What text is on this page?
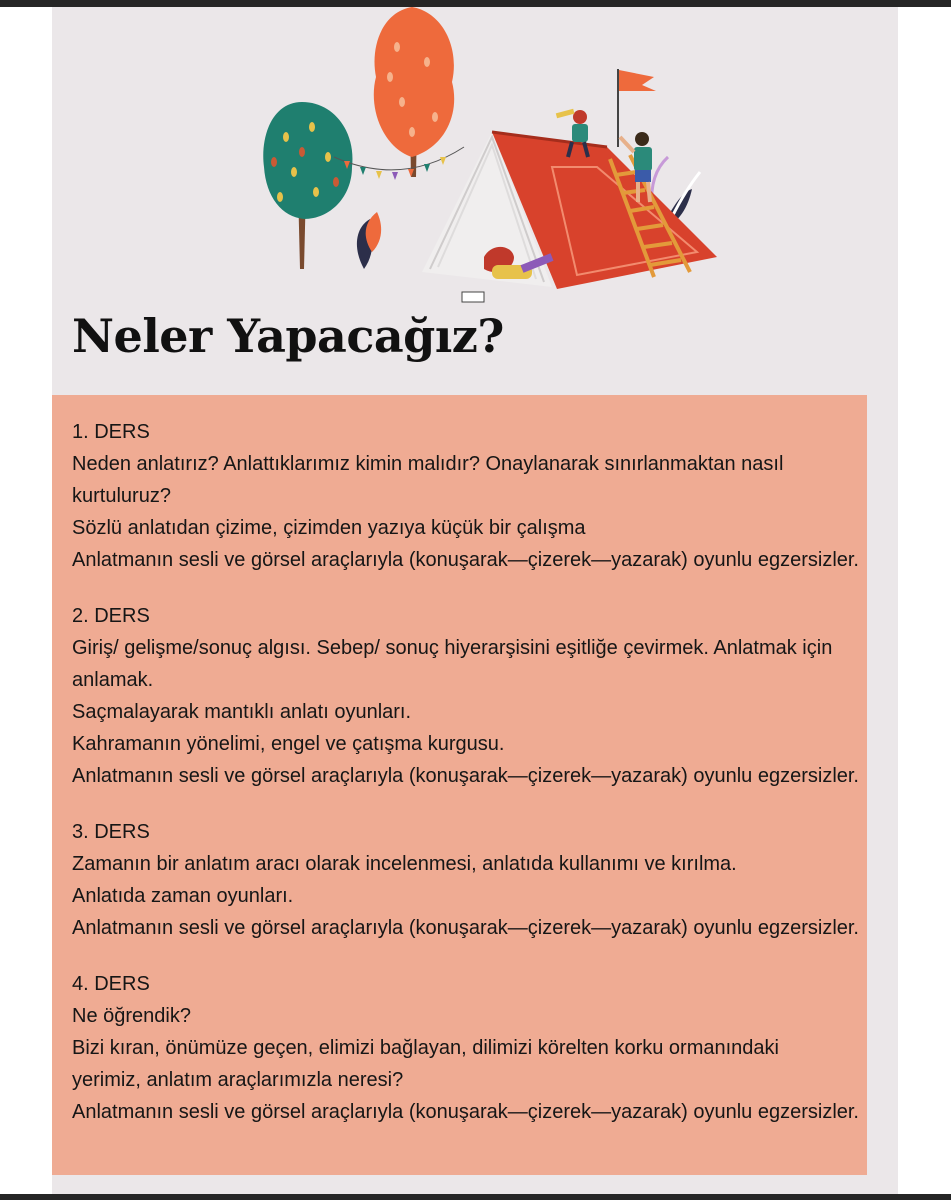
Neler Yapacağız?

1. DERS

Neden anlatırız? Anlattıklarımız kimin malıdır? Onaylanarak sınırlanmaktan nasıl kurtuluruz?

Sözlü anlatıdan çizime, çizimden yazıya küçük bir çalışma

Anlatmanın sesli ve görsel araçlarıyla (konuşarak—çizerek—yazarak) oyunlu egzersizler.

2. DERS

Giriş/ gelişme/sonuç algısı. Sebep/ sonuç hiyerarşisini eşitliğe çevirmek. Anlatmak için anlamak.

Saçmalayarak mantıklı anlatı oyunları.

Kahramanın yönelimi, engel ve çatışma kurgusu.

Anlatmanın sesli ve görsel araçlarıyla (konuşarak—çizerek—yazarak) oyunlu egzersizler.

3. DERS

Zamanın bir anlatım aracı olarak incelenmesi, anlatıda kullanımı ve kırılma.

Anlatıda zaman oyunları.

Anlatmanın sesli ve görsel araçlarıyla (konuşarak—çizerek—yazarak) oyunlu egzersizler.

4. DERS

Ne öğrendik?

Bizi kıran, önümüze geçen, elimizi bağlayan, dilimizi körelten korku ormanındaki yerimiz, anlatım araçlarımızla neresi?

Anlatmanın sesli ve görsel araçlarıyla (konuşarak—çizerek—yazarak) oyunlu egzersizler.
